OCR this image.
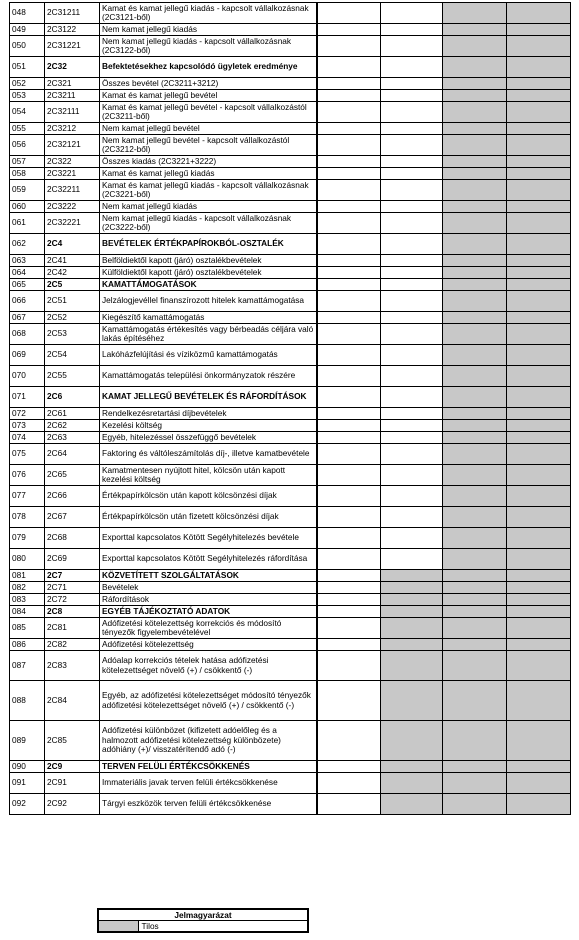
048	2C31211	Kamat és kamat jellegű kiadás - kapcsolt vállalkozásnak (2C3121-ből)					
049	2C3122	Nem kamat jellegű kiadás					
050	2C31221	Nem kamat jellegű kiadás - kapcsolt vállalkozásnak (2C3122-ből)					
051	2C32	Befektetésekhez kapcsolódó ügyletek eredménye					
052	2C321	Összes bevétel (2C3211+3212)					
053	2C3211	Kamat és kamat jellegű bevétel					
054	2C32111	Kamat és kamat jellegű bevétel - kapcsolt vállalkozástól (2C3211-ből)					
055	2C3212	Nem kamat jellegű bevétel					
056	2C32121	Nem kamat jellegű bevétel - kapcsolt vállalkozástól (2C3212-ből)					
057	2C322	Összes kiadás (2C3221+3222)					
058	2C3221	Kamat és kamat jellegű kiadás					
059	2C32211	Kamat és kamat jellegű kiadás - kapcsolt vállalkozásnak (2C3221-ből)					
060	2C3222	Nem kamat jellegű kiadás					
061	2C32221	Nem kamat jellegű kiadás - kapcsolt vállalkozásnak (2C3222-ből)					
062	2C4	BEVÉTELEK ÉRTÉKPAPÍROKBÓL-OSZTALÉK					
063	2C41	Belföldiektől kapott (járó) osztalékbevételek					
064	2C42	Külföldiektől kapott (járó) osztalékbevételek					
065	2C5	KAMATTÁMOGATÁSOK					
066	2C51	Jelzálogjevéllel finanszírozott hitelek kamattámogatása					
067	2C52	Kiegészítő kamattámogatás					
068	2C53	Kamattámogatás értékesítés vagy bérbeadás céljára való lakás építéséhez					
069	2C54	Lakóházfelújítási és víziközmű kamattámogatás					
070	2C55	Kamattámogatás települési önkormányzatok részére					
071	2C6	KAMAT JELLEGŰ BEVÉTELEK ÉS RÁFORDÍTÁSOK					
072	2C61	Rendelkezésretartási díjbevételek					
073	2C62	Kezelési költség					
074	2C63	Egyéb, hitelezéssel összefüggő bevételek					
075	2C64	Faktoring és váltóleszámítolás díj-, illetve kamatbevétele					
076	2C65	Kamatmentesen nyújtott hitel, kölcsön után kapott kezelési költség					
077	2C66	Értékpapírkölcsön után kapott kölcsönzési díjak					
078	2C67	Értékpapírkölcsön után fizetett kölcsönzési díjak					
079	2C68	Exporttal kapcsolatos Kötött Segélyhitelezés bevétele					
080	2C69	Exporttal kapcsolatos Kötött Segélyhitelezés ráfordítása					
081	2C7	KÖZVETÍTETT SZOLGÁLTATÁSOK					
082	2C71	Bevételek					
083	2C72	Ráfordítások					
084	2C8	EGYÉB TÁJÉKOZTATÓ ADATOK					
085	2C81	Adófizetési kötelezettség korrekciós és módosító tényezők figyelembevételével					
086	2C82	Adófizetési kötelezettség					
087	2C83	Adóalap korrekciós tételek hatása adófizetési kötelezettséget növelő (+) / csökkentő (-)					
088	2C84	Egyéb, az adófizetési kötelezettséget módosító tényezők adófizetési kötelezettséget növelő (+) / csökkentő (-)					
089	2C85	Adófizetési különbözet (kifizetett adóelőleg és a halmozott adófizetési kötelezettség különbözete) adóhiány (+)/ visszatérítendő adó (-)					
090	2C9	TERVEN FELÜLI ÉRTÉKCSÖKKENÉS					
091	2C91	Immateriális javak terven felüli értékcsökkenése					
092	2C92	Tárgyi eszközök terven felüli értékcsökkenése					
Jelmagyarázat
	Tilos
